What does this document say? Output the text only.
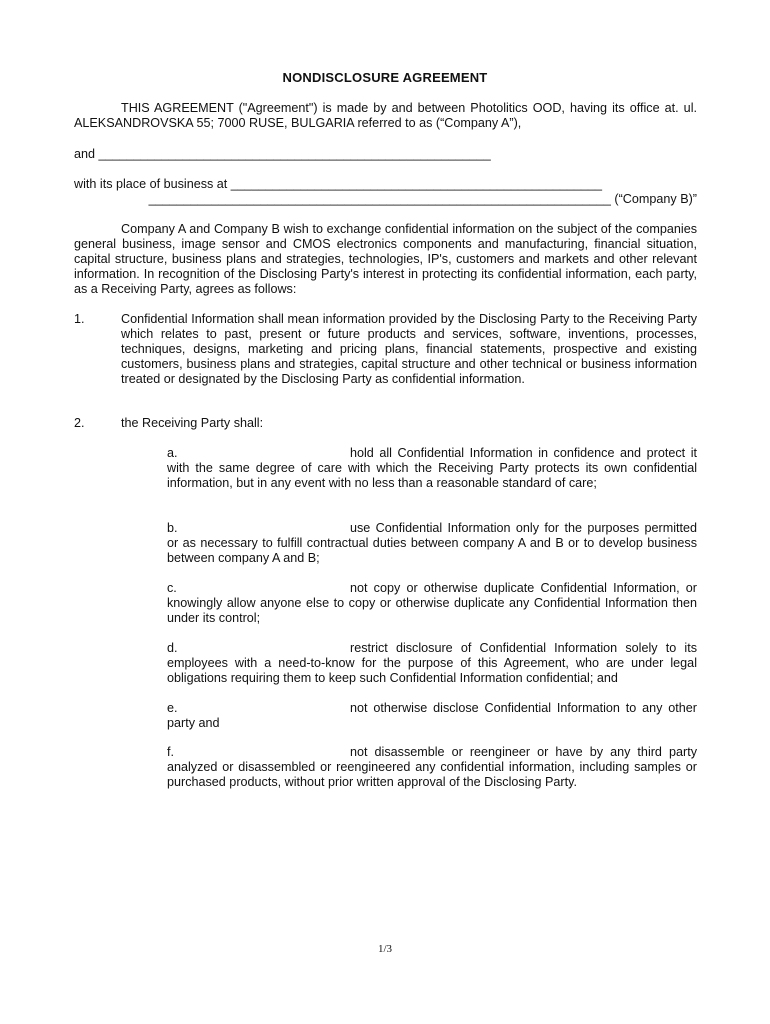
NONDISCLOSURE AGREEMENT
THIS AGREEMENT ("Agreement") is made by and between Photolitics OOD, having its office at. ul. ALEKSANDROVSKA 55; 7000 RUSE, BULGARIA referred to as (“Company A”),
and ________________________________________________________
with its place of business at _____________________________________________________
__________________________________________________________________ (“Company B)”
Company A and Company B wish to exchange confidential information on the subject of the companies general business, image sensor and CMOS electronics components and manufacturing, financial situation, capital structure, business plans and strategies, technologies, IP's, customers and markets and other relevant information. In recognition of the Disclosing Party's interest in protecting its confidential information, each party, as a Receiving Party, agrees as follows:
1.	Confidential Information shall mean information provided by the Disclosing Party to the Receiving Party which relates to past, present or future products and services, software, inventions, processes, techniques, designs, marketing and pricing plans, financial statements, prospective and existing customers, business plans and strategies, capital structure and other technical or business information treated or designated by the Disclosing Party as confidential information.
2.	the Receiving Party shall:
a.	hold all Confidential Information in confidence and protect it with the same degree of care with which the Receiving Party protects its own confidential information, but in any event with no less than a reasonable standard of care;
b.	use Confidential Information only for the purposes permitted or as necessary to fulfill contractual duties between company A and B or to develop business between company A and B;
c.	not copy or otherwise duplicate Confidential Information, or knowingly allow anyone else to copy or otherwise duplicate any Confidential Information then under its control;
d.	restrict disclosure of Confidential Information solely to its employees with a need-to-know for the purpose of this Agreement, who are under legal obligations requiring them to keep such Confidential Information confidential; and
e.	not otherwise disclose Confidential Information to any other party and
f.	not disassemble or reengineer or have by any third party analyzed or disassembled or reengineered any confidential information, including samples or purchased products, without prior written approval of the Disclosing Party.
1/3
